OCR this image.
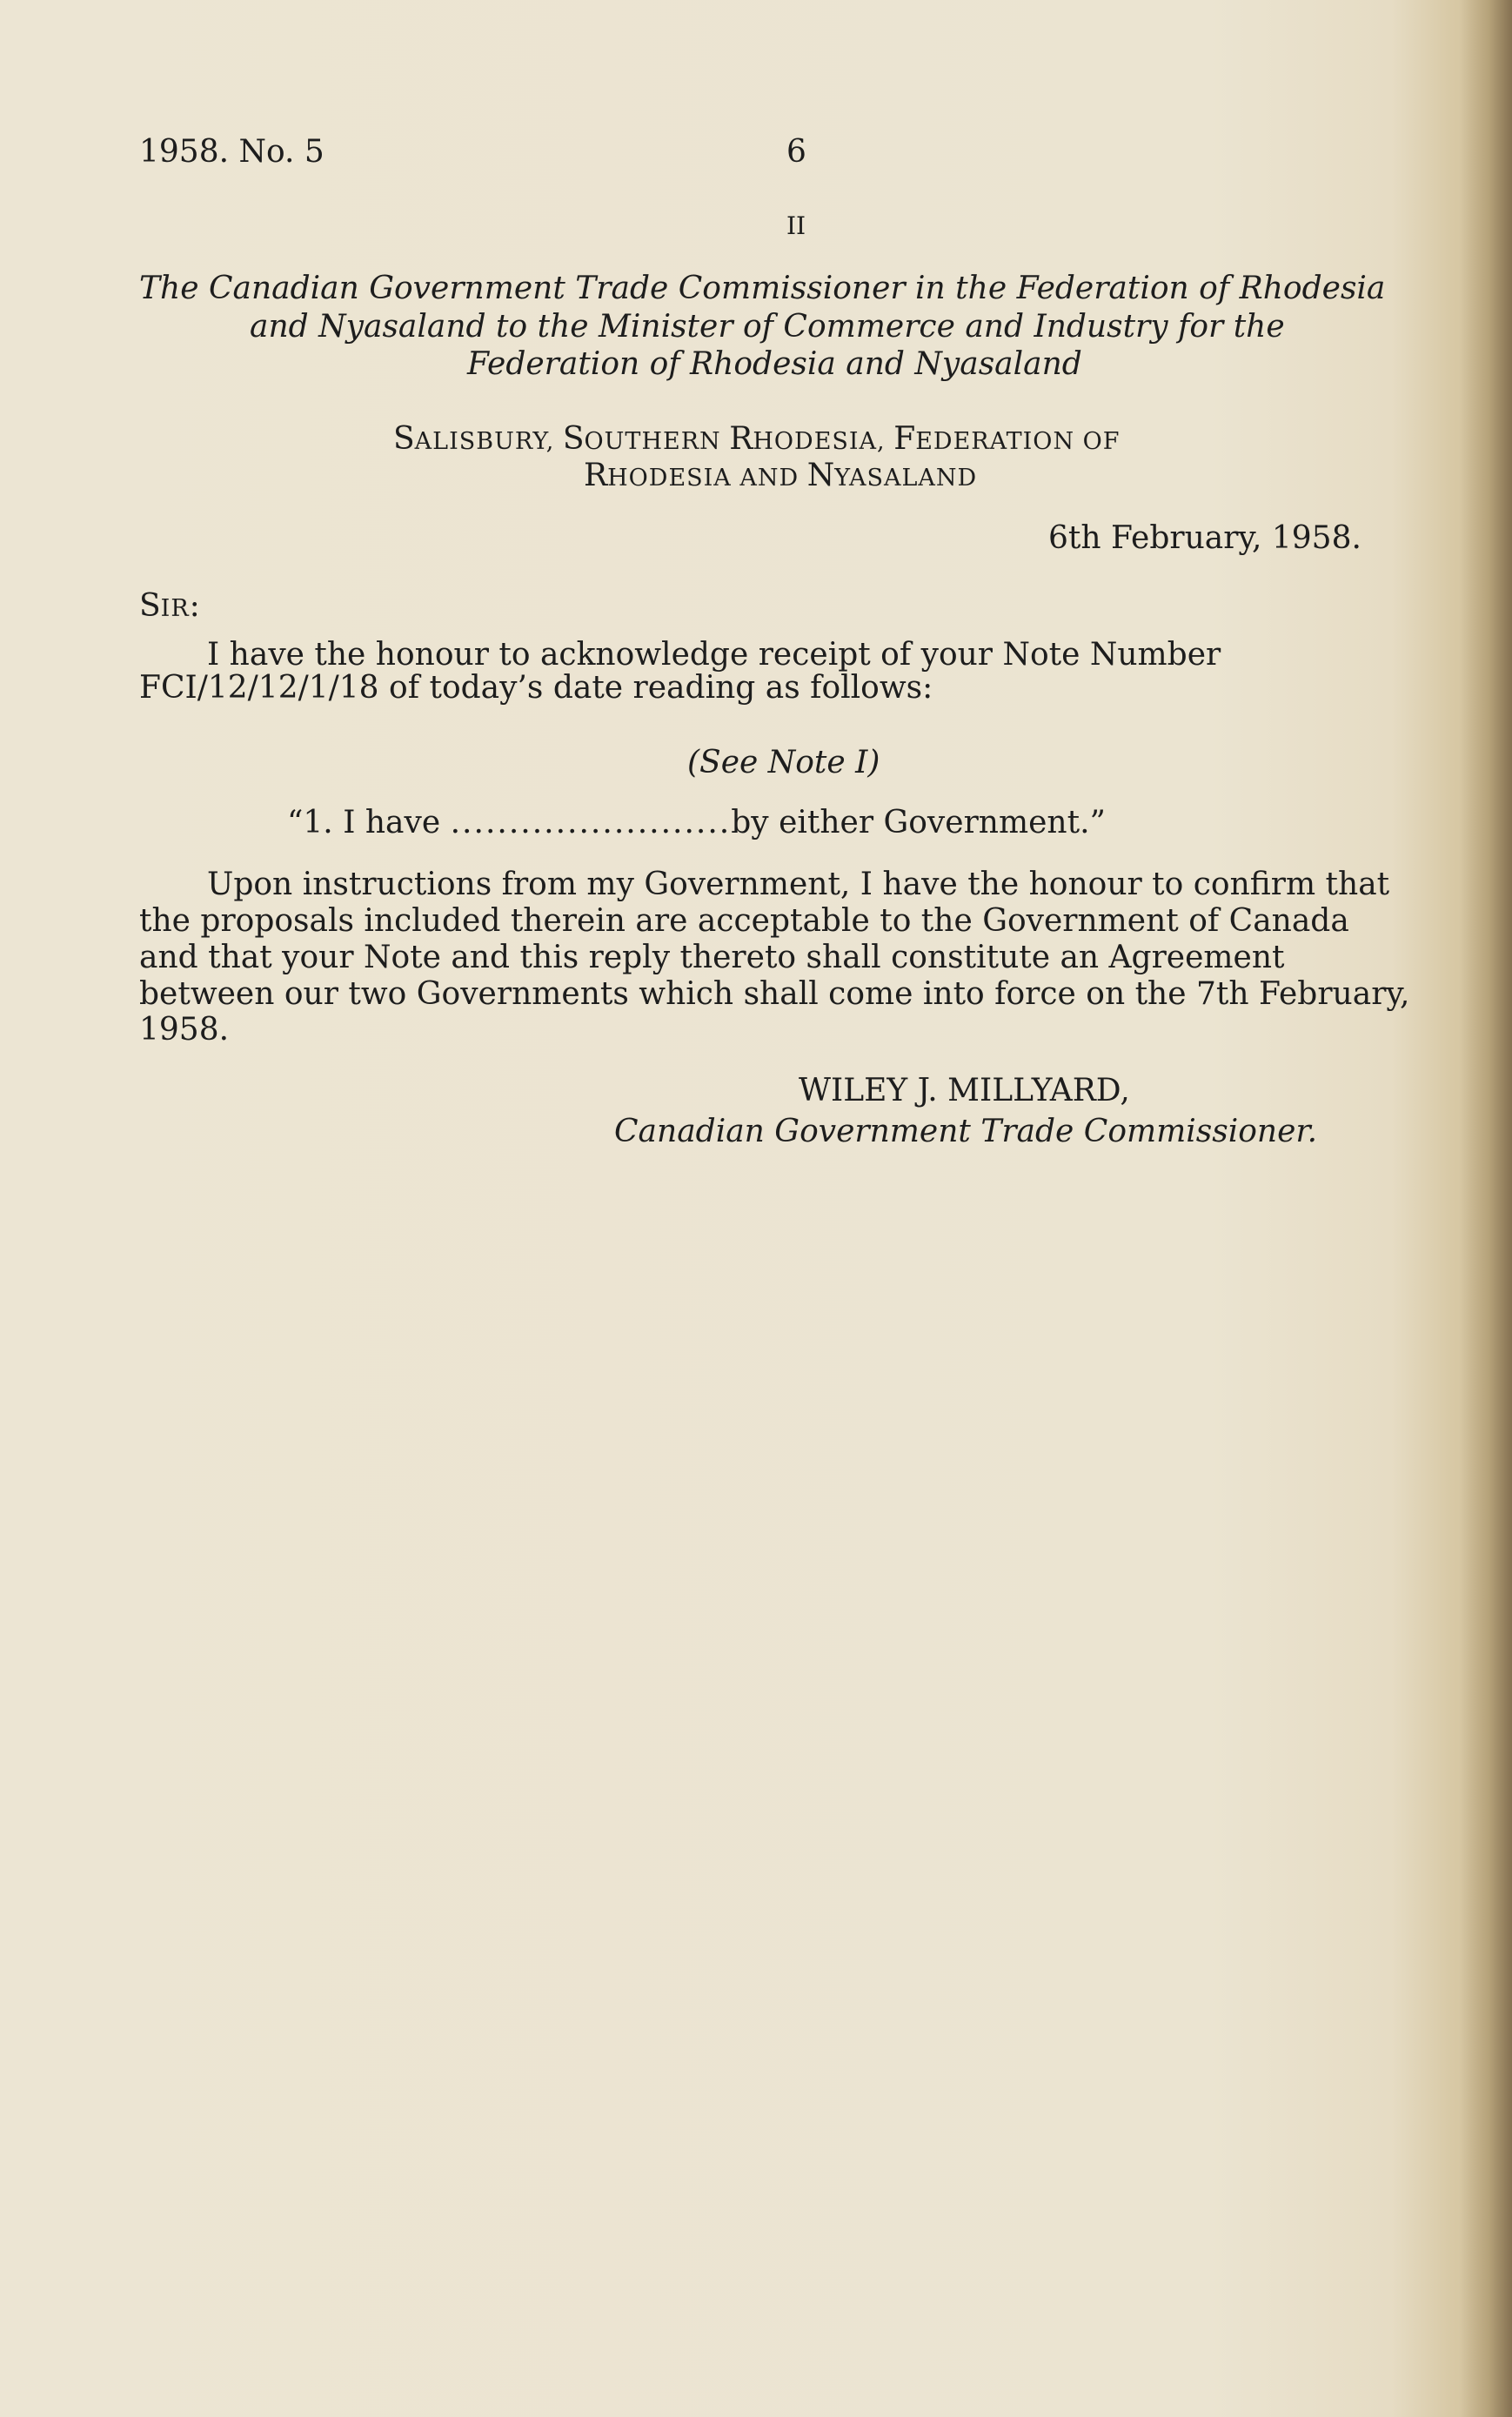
1958. No. 5	6

II

The Canadian Government Trade Commissioner in the Federation of Rhodesia

and Nyasaland to the Minister of Commerce and Industry for the

Federation of Rhodesia and Nyasaland

SALISBURY, SOUTHERN RHODESIA, FEDERATION OF

RHODESIA AND NYASALAND

6th February, 1958.

SIR:

I have the honour to acknowledge receipt of your Note Number

FCI/12/12/1/18 of today’s date reading as follows:

(See Note I)

“1. I have ........................by either Government.”

Upon instructions from my Government, I have the honour to confirm that

the proposals included therein are acceptable to the Government of Canada

and that your Note and this reply thereto shall constitute an Agreement

between our two Governments which shall come into force on the 7th February,

1958.

WILEY J. MILLYARD,

Canadian Government Trade Commissioner.
